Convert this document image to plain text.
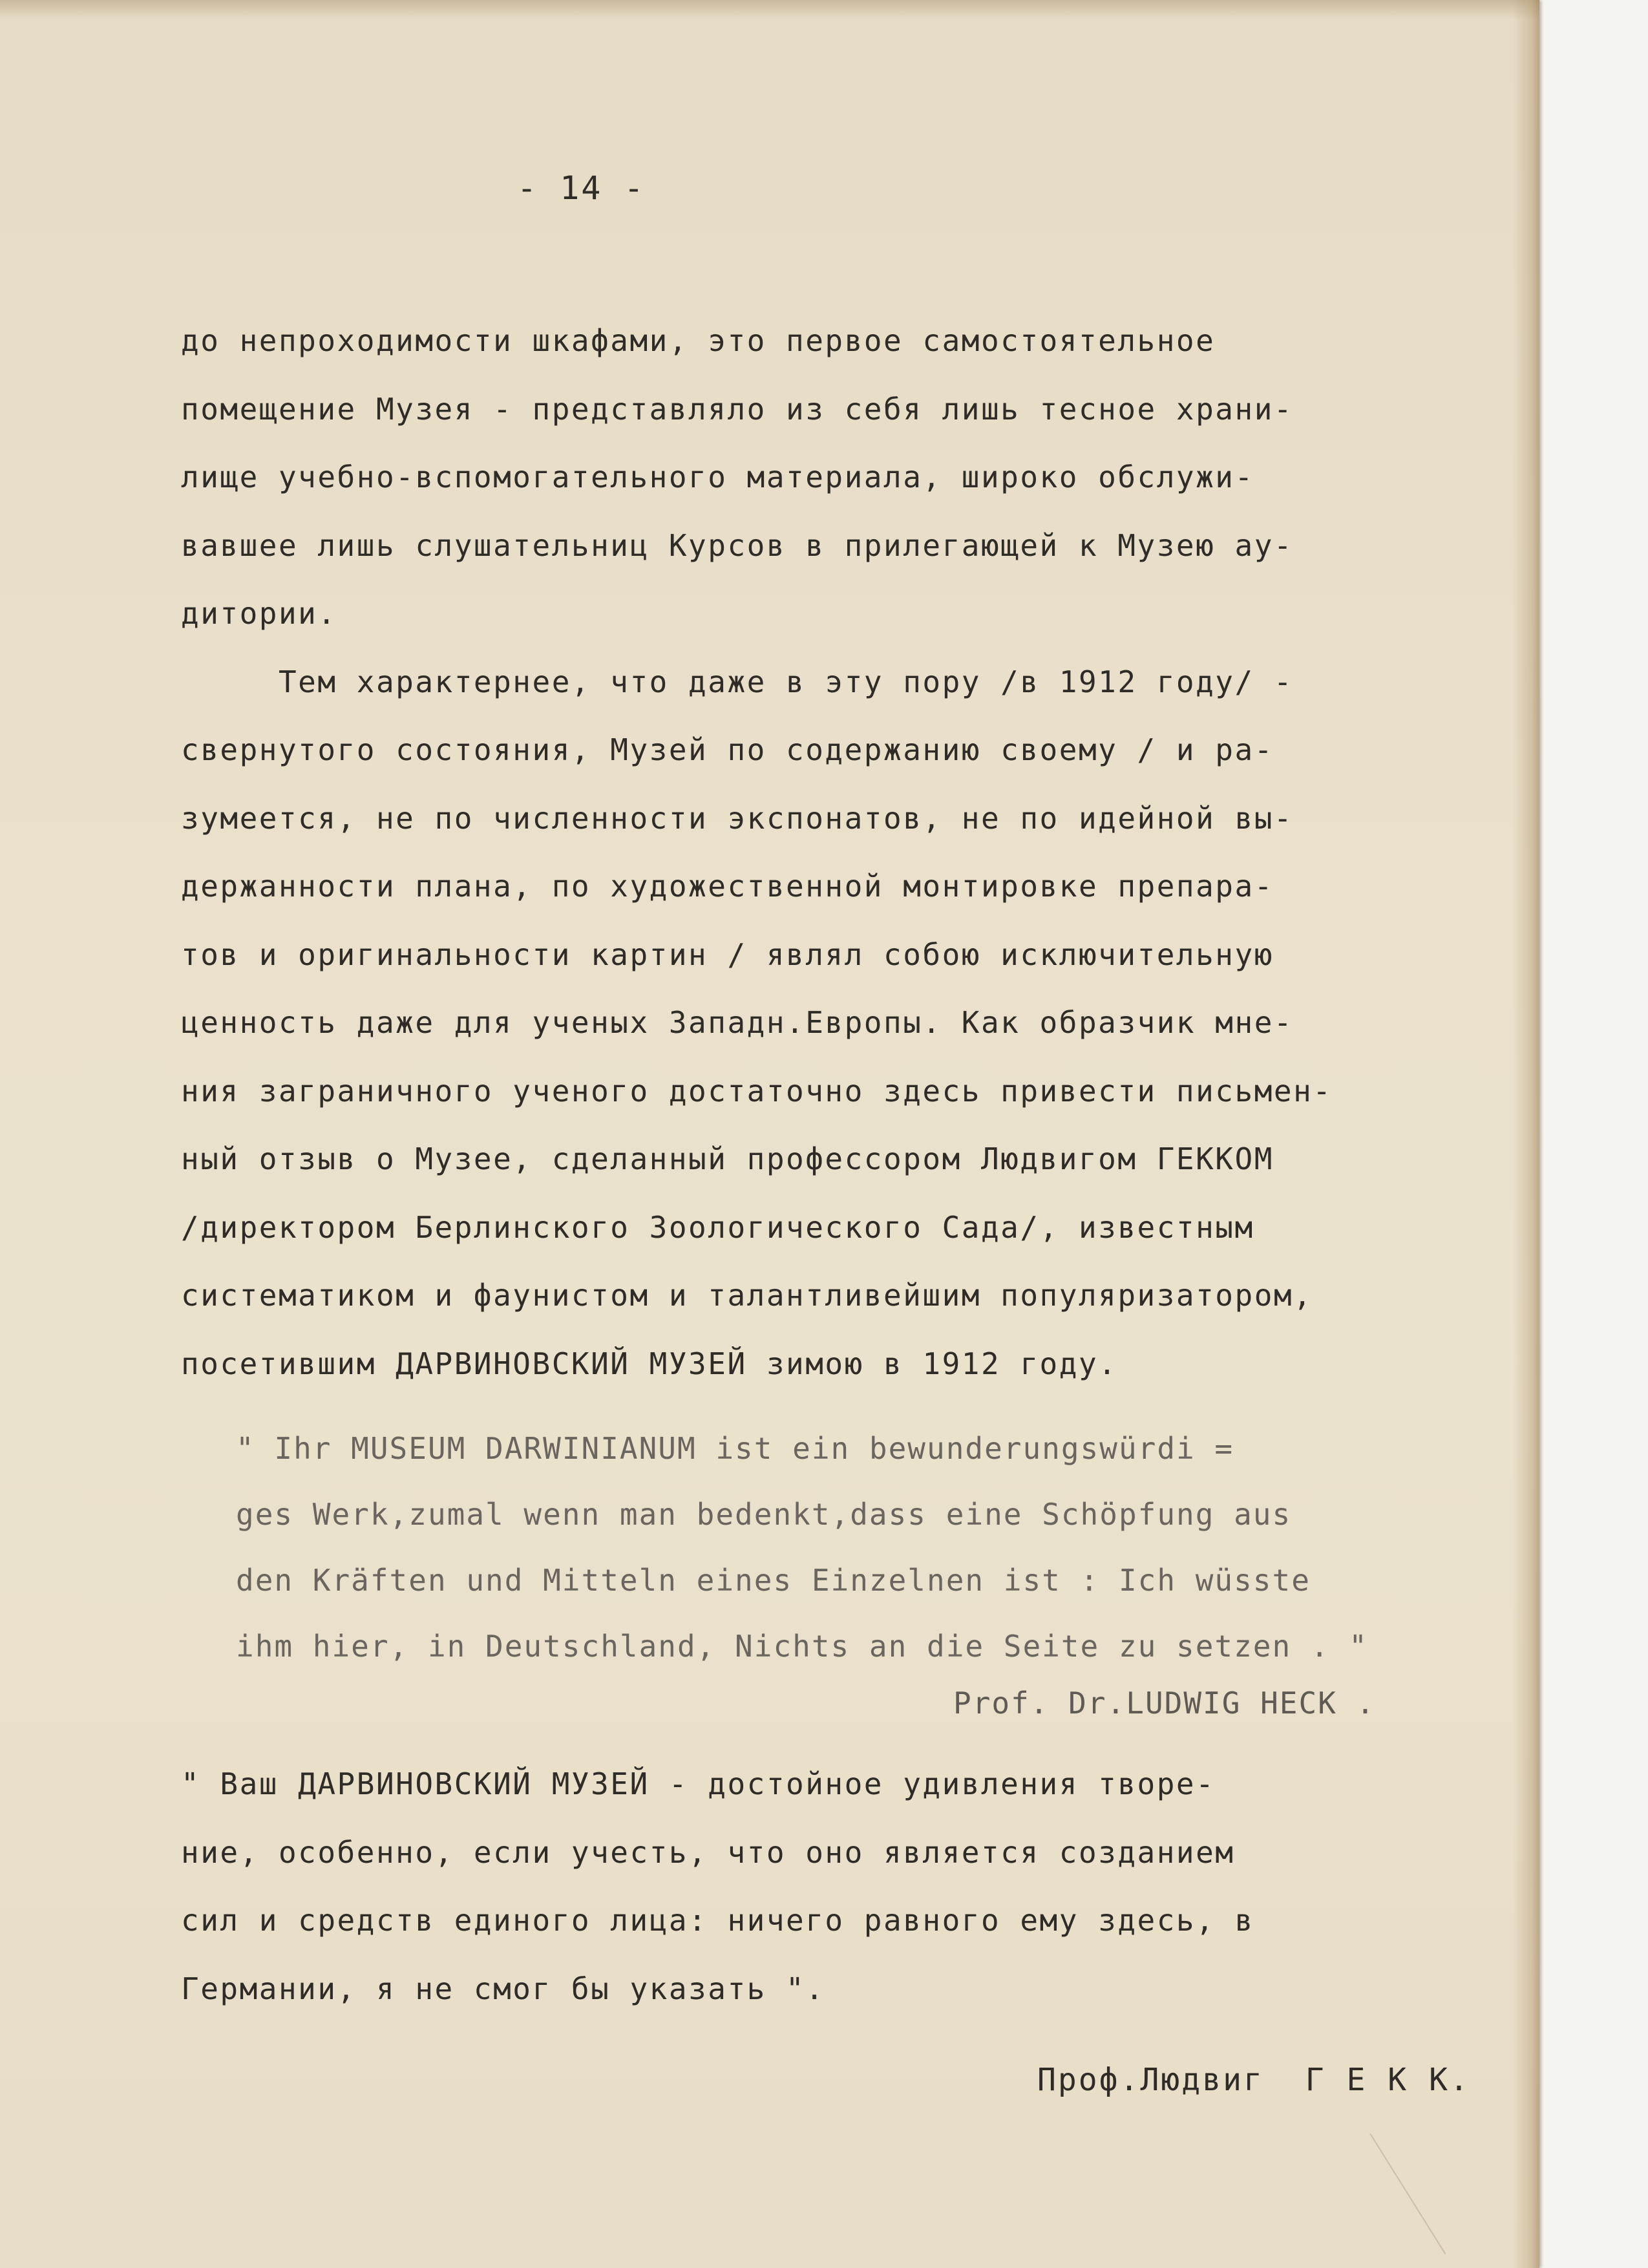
- 14 -
до непроходимости шкафами, это первое самостоятельное
помещение Музея - представляло из себя лишь тесное храни-
лище учебно-вспомогательного материала, широко обслужи-
вавшее лишь слушательниц Курсов в прилегающей к Музею ау-
дитории.
Тем характернее, что даже в эту пору /в 1912 году/ -
свернутого состояния, Музей по содержанию своему / и ра-
зумеется, не по численности экспонатов, не по идейной вы-
держанности плана, по художественной монтировке препара-
тов и оригинальности картин / являл собою исключительную
ценность даже для ученых Западн.Европы. Как образчик мне-
ния заграничного ученого достаточно здесь привести письмен-
ный отзыв о Музее, сделанный профессором Людвигом ГЕККОМ
/директором Берлинского Зоологического Сада/, известным
систематиком и фаунистом и талантливейшим популяризатором,
посетившим ДАРВИНОВСКИЙ МУЗЕЙ зимою в 1912 году.
" Ihr MUSEUM DARWINIANUM ist ein bewunderungswürdi =
ges Werk,zumal wenn man bedenkt,dass eine Schöpfung aus
den Kräften und Mitteln eines Einzelnen ist : Ich wüsste
ihm hier, in Deutschland, Nichts an die Seite zu setzen . "
Prof. Dr.LUDWIG HECK .
" Ваш ДАРВИНОВСКИЙ МУЗЕЙ - достойное удивления творе-
ние, особенно, если учесть, что оно является созданием
сил и средств единого лица: ничего равного ему здесь, в
Германии, я не смог бы указать ".
Проф.Людвиг  Г Е К К.
